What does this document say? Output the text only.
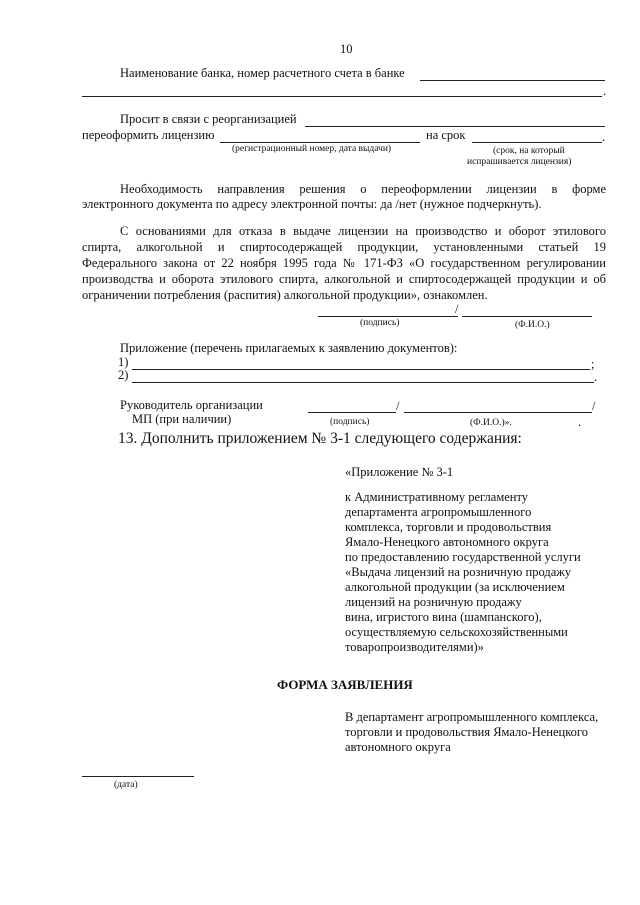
10
Наименование банка, номер расчетного счета в банке
.
Просит в связи с реорганизацией
переоформить лицензию	на срок	.
(регистрационный номер, дата выдачи)	(срок, на который
испрашивается лицензия)
Необходимость направления решения о переоформлении лицензии в форме
электронного документа по адресу электронной почты: да /нет (нужное подчеркнуть).
С основаниями для отказа в выдаче лицензии на производство и оборот этилового
спирта, алкогольной и спиртосодержащей продукции, установленными статьей 19
Федерального закона от 22 ноября 1995 года № 171-ФЗ «О государственном регулировании
производства и оборота этилового спирта, алкогольной и спиртосодержащей продукции и об
ограничении потребления (распития) алкогольной продукции», ознакомлен.
/
(подпись)	(Ф.И.О.)
Приложение (перечень прилагаемых к заявлению документов):
1)	;
2)	.
Руководитель организации
МП (при наличии)
/	/
(подпись)	(Ф.И.О.)».	.
13. Дополнить приложением № 3-1 следующего содержания:
«Приложение № 3-1
к Административному регламенту
департамента агропромышленного
комплекса, торговли и продовольствия
Ямало-Ненецкого автономного округа
по предоставлению государственной услуги
«Выдача лицензий на розничную продажу
алкогольной продукции (за исключением
лицензий на розничную продажу
вина, игристого вина (шампанского),
осуществляемую сельскохозяйственными
товаропроизводителями)»
ФОРМА ЗАЯВЛЕНИЯ
В департамент агропромышленного комплекса,
торговли и продовольствия Ямало-Ненецкого
автономного округа
(дата)
